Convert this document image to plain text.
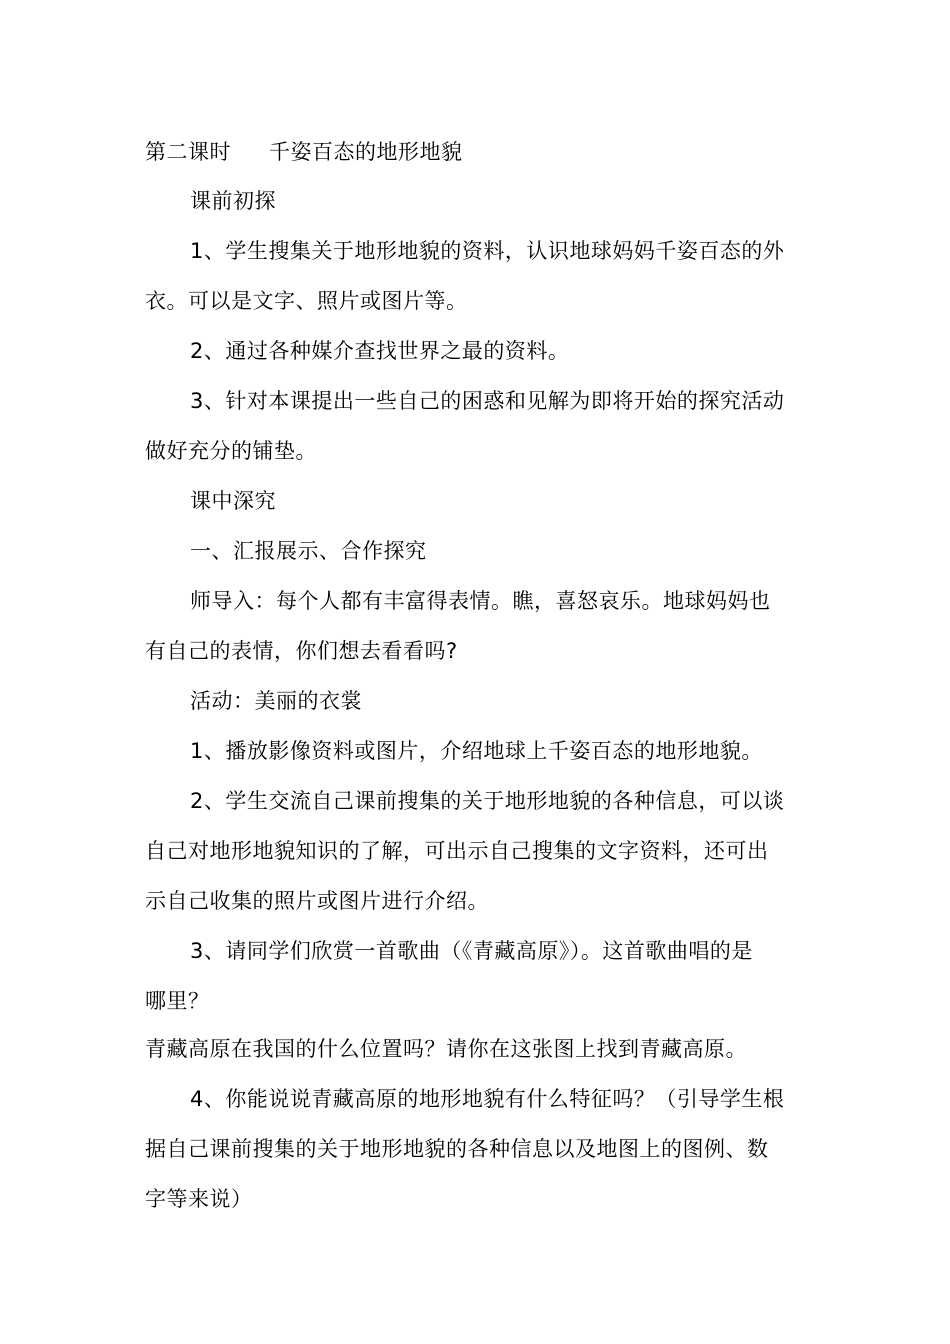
第二课时 千姿百态的地形地貌
课前初探
1、学生搜集关于地形地貌的资料，认识地球妈妈千姿百态的外
衣。可以是文字、照片或图片等。
2、通过各种媒介查找世界之最的资料。
3、针对本课提出一些自己的困惑和见解为即将开始的探究活动
做好充分的铺垫。
课中深究
一、汇报展示、合作探究
师导入：每个人都有丰富得表情。瞧，喜怒哀乐。地球妈妈也
有自己的表情，你们想去看看吗?
活动：美丽的衣裳
1、播放影像资料或图片，介绍地球上千姿百态的地形地貌。
2、学生交流自己课前搜集的关于地形地貌的各种信息，可以谈
自己对地形地貌知识的了解，可出示自己搜集的文字资料，还可出
示自己收集的照片或图片进行介绍。
3、请同学们欣赏一首歌曲（《青藏高原》）。这首歌曲唱的是
哪里？
青藏高原在我国的什么位置吗？请你在这张图上找到青藏高原。
4、你能说说青藏高原的地形地貌有什么特征吗？（引导学生根
据自己课前搜集的关于地形地貌的各种信息以及地图上的图例、数
字等来说）
